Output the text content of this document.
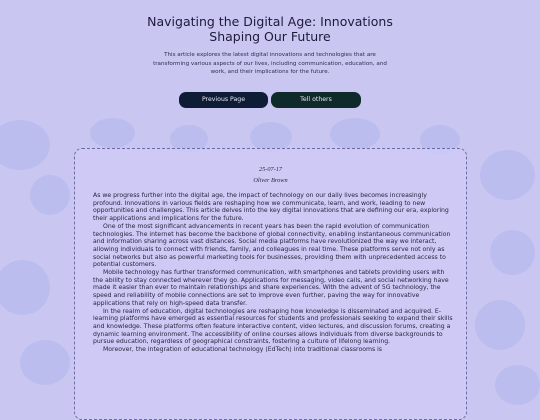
Navigating the Digital Age: Innovations Shaping Our Future
This article explores the latest digital innovations and technologies that are transforming various aspects of our lives, including communication, education, and work, and their implications for the future.
Previous Page	Tell others
25-07-17
Oliver Brown

As we progress further into the digital age, the impact of technology on our daily lives becomes increasingly profound. Innovations in various fields are reshaping how we communicate, learn, and work, leading to new opportunities and challenges. This article delves into the key digital innovations that are defining our era, exploring their applications and implications for the future.

One of the most significant advancements in recent years has been the rapid evolution of communication technologies. The internet has become the backbone of global connectivity, enabling instantaneous communication and information sharing across vast distances. Social media platforms have revolutionized the way we interact, allowing individuals to connect with friends, family, and colleagues in real time. These platforms serve not only as social networks but also as powerful marketing tools for businesses, providing them with unprecedented access to potential customers.

Mobile technology has further transformed communication, with smartphones and tablets providing users with the ability to stay connected wherever they go. Applications for messaging, video calls, and social networking have made it easier than ever to maintain relationships and share experiences. With the advent of 5G technology, the speed and reliability of mobile connections are set to improve even further, paving the way for innovative applications that rely on high-speed data transfer.

In the realm of education, digital technologies are reshaping how knowledge is disseminated and acquired. E-learning platforms have emerged as essential resources for students and professionals seeking to expand their skills and knowledge. These platforms often feature interactive content, video lectures, and discussion forums, creating a dynamic learning environment. The accessibility of online courses allows individuals from diverse backgrounds to pursue education, regardless of geographical constraints, fostering a culture of lifelong learning.

Moreover, the integration of educational technology (EdTech) into traditional classrooms is
